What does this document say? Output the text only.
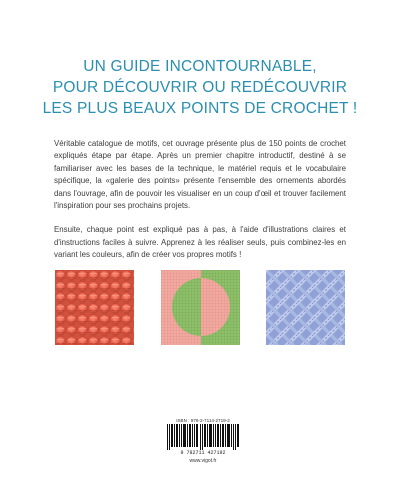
UN GUIDE INCONTOURNABLE,
POUR DÉCOUVRIR OU REDÉCOUVRIR
LES PLUS BEAUX POINTS DE CROCHET !

Véritable catalogue de motifs, cet ouvrage présente plus de 150 points de crochet expliqués étape par étape. Après un premier chapitre introductif, destiné à se familiariser avec les bases de la technique, le matériel requis et le vocabulaire spécifique, la «galerie des points» présente l'ensemble des ornements abordés dans l'ouvrage, afin de pouvoir les visualiser en un coup d'œil et trouver facilement l'inspiration pour ses prochains projets.

Ensuite, chaque point est expliqué pas à pas, à l'aide d'illustrations claires et d'instructions faciles à suivre. Apprenez à les réaliser seuls, puis combinez-les en variant les couleurs, afin de créer vos propres motifs !

ISBN : 978-2-7114-2719-2
9 782711 427192
www.vigot.fr
